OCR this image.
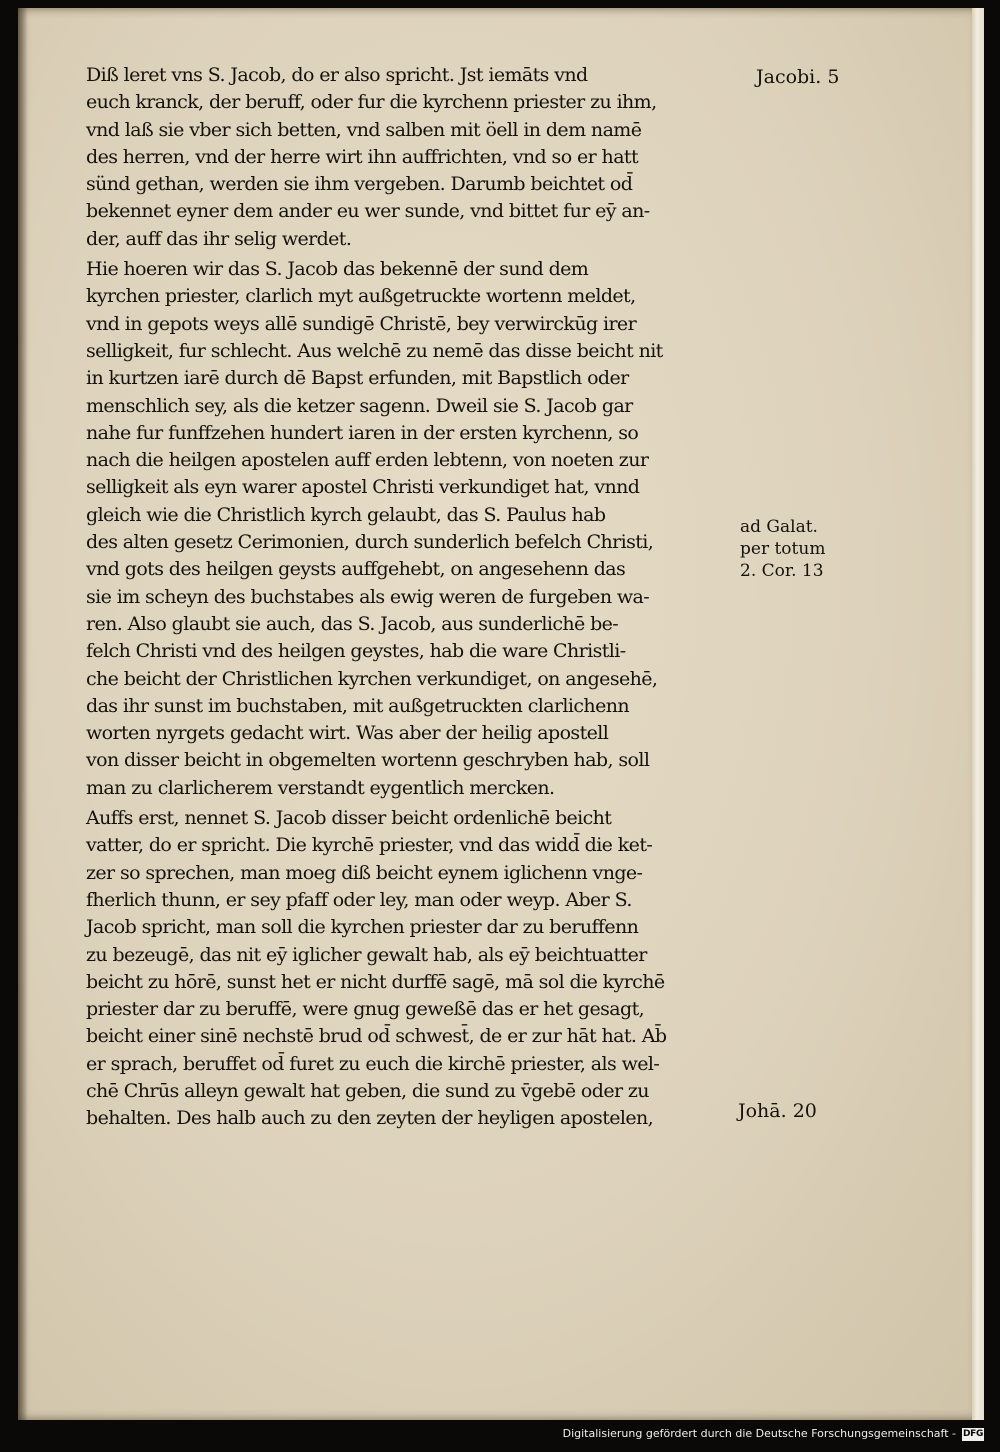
Diß leret vns S. Jacob, do er also spricht. Jst iemāts vnd
euch kranck, der beruff, oder fur die kyrchenn priester zu ihm,
vnd laß sie vber sich betten, vnd salben mit öell in dem namē
des herren, vnd der herre wirt ihn auffrichten, vnd so er hatt
sünd gethan, werden sie ihm vergeben. Darumb beichtet od̄
bekennet eyner dem ander eu wer sunde, vnd bittet fur eȳ an-
der, auff das ihr selig werdet.
Hie hoeren wir das S. Jacob das bekennē der sund dem
kyrchen priester, clarlich myt außgetruckte wortenn meldet,
vnd in gepots weys allē sundigē Christē, bey verwirckūg irer
selligkeit, fur schlecht. Aus welchē zu nemē das disse beicht nit
in kurtzen iarē durch dē Bapst erfunden, mit Bapstlich oder
menschlich sey, als die ketzer sagenn. Dweil sie S. Jacob gar
nahe fur funffzehen hundert iaren in der ersten kyrchenn, so
nach die heilgen apostelen auff erden lebtenn, von noeten zur
selligkeit als eyn warer apostel Christi verkundiget hat, vnnd
gleich wie die Christlich kyrch gelaubt, das S. Paulus hab
des alten gesetz Cerimonien, durch sunderlich befelch Christi,
vnd gots des heilgen geysts auffgehebt, on angesehenn das
sie im scheyn des buchstabes als ewig weren de furgeben wa-
ren. Also glaubt sie auch, das S. Jacob, aus sunderlichē be-
felch Christi vnd des heilgen geystes, hab die ware Christli-
che beicht der Christlichen kyrchen verkundiget, on angesehē,
das ihr sunst im buchstaben, mit außgetruckten clarlichenn
worten nyrgets gedacht wirt. Was aber der heilig apostell
von disser beicht in obgemelten wortenn geschryben hab, soll
man zu clarlicherem verstandt eygentlich mercken.
Auffs erst, nennet S. Jacob disser beicht ordenlichē beicht
vatter, do er spricht. Die kyrchē priester, vnd das widd̄ die ket-
zer so sprechen, man moeg diß beicht eynem iglichenn vnge-
fherlich thunn, er sey pfaff oder ley, man oder weyp. Aber S.
Jacob spricht, man soll die kyrchen priester dar zu beruffenn
zu bezeugē, das nit eȳ iglicher gewalt hab, als eȳ beichtuatter
beicht zu hōrē, sunst het er nicht durffē sagē, mā sol die kyrchē
priester dar zu beruffē, were gnug geweßē das er het gesagt,
beicht einer sinē nechstē brud od̄ schwest̄, de er zur hāt hat. Ab̄
er sprach, beruffet od̄ furet zu euch die kirchē priester, als wel-
chē Chrūs alleyn gewalt hat geben, die sund zu v̄gebē oder zu
behalten. Des halb auch zu den zeyten der heyligen apostelen,
Jacobi. 5
ad Galat.
per totum
2. Cor. 13
Johā. 20
Digitalisierung gefördert durch die Deutsche Forschungsgemeinschaft - DFG
